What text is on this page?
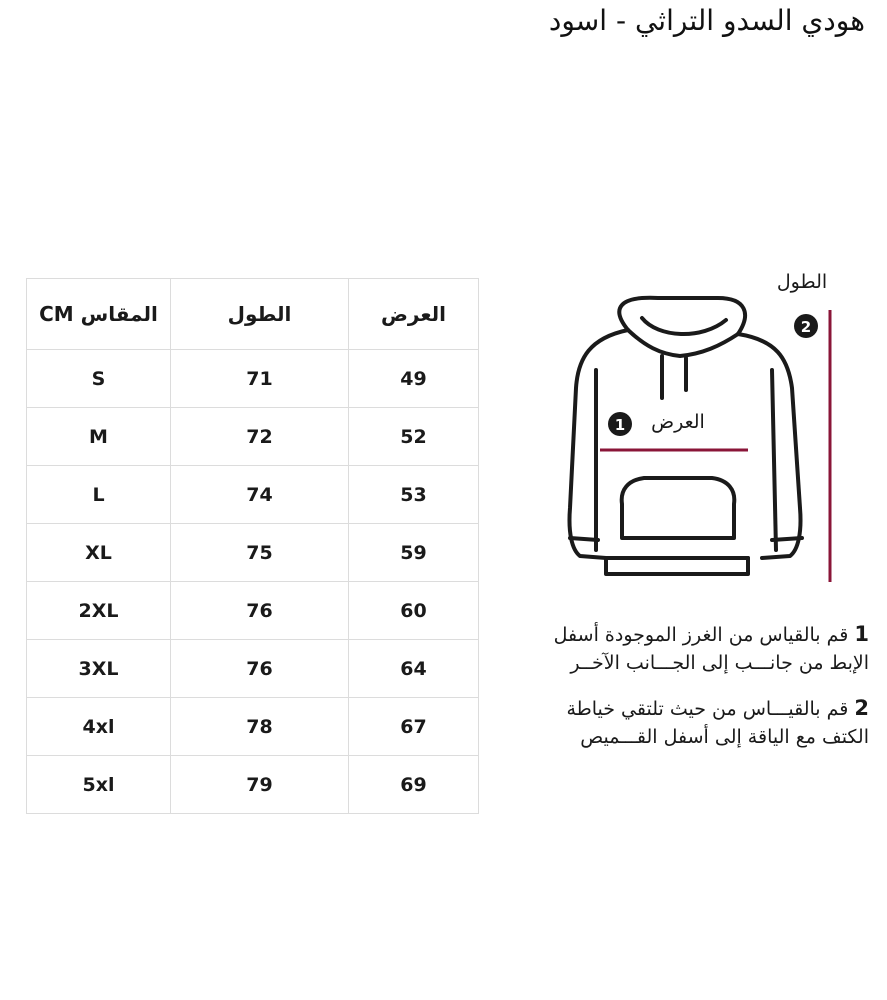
هودي السدو التراثي - اسود
المقاس CM	الطول	العرض
S	71	49
M	72	52
L	74	53
XL	75	59
2XL	76	60
3XL	76	64
4xl	78	67
5xl	79	69
1 العرض
2
الطول
1قم بالقياس من الغرز الموجودة أسفل
الإبط من جانـــب إلى الجـــانب الآخــر
2قم بالقيـــاس من حيث تلتقي خياطة
الكتف مع الياقة إلى أسفل القـــميص
